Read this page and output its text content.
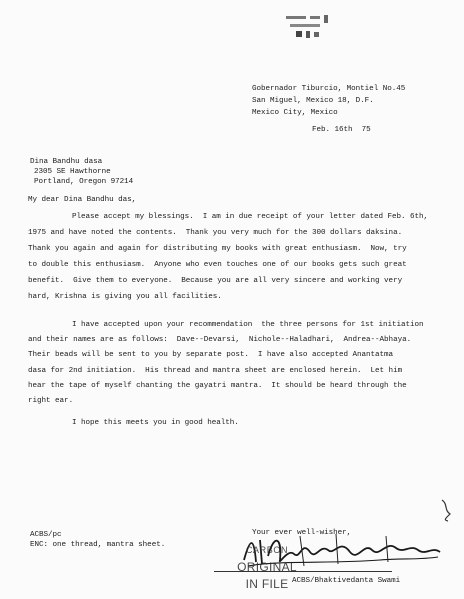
Gobernador Tiburcio, Montiel No.45
San Miguel, Mexico 18, D.F.
Mexico City, Mexico
Feb. 16th  75
Dina Bandhu dasa
2305 SE Hawthorne
Portland, Oregon 97214
My dear Dina Bandhu das,
Please accept my blessings.  I am in due receipt of your letter dated Feb. 6th,
1975 and have noted the contents.  Thank you very much for the 300 dollars daksina.
Thank you again and again for distributing my books with great enthusiasm.  Now, try
to double this enthusiasm.  Anyone who even touches one of our books gets such great
benefit.  Give them to everyone.  Because you are all very sincere and working very
hard, Krishna is giving you all facilities.
I have accepted upon your recommendation  the three persons for 1st initiation
and their names are as follows:  Dave--Devarsi,  Nichole--Haladhari,  Andrea--Abhaya.
Their beads will be sent to you by separate post.  I have also accepted Anantatma
dasa for 2nd initiation.  His thread and mantra sheet are enclosed herein.  Let him
hear the tape of myself chanting the gayatri mantra.  It should be heard through the
right ear.
I hope this meets you in good health.
Your ever well-wisher,
ACBS/Bhaktivedanta Swami
ACBS/pc
ENC: one thread, mantra sheet.	CARBON
ORIGINAL
IN FILE
